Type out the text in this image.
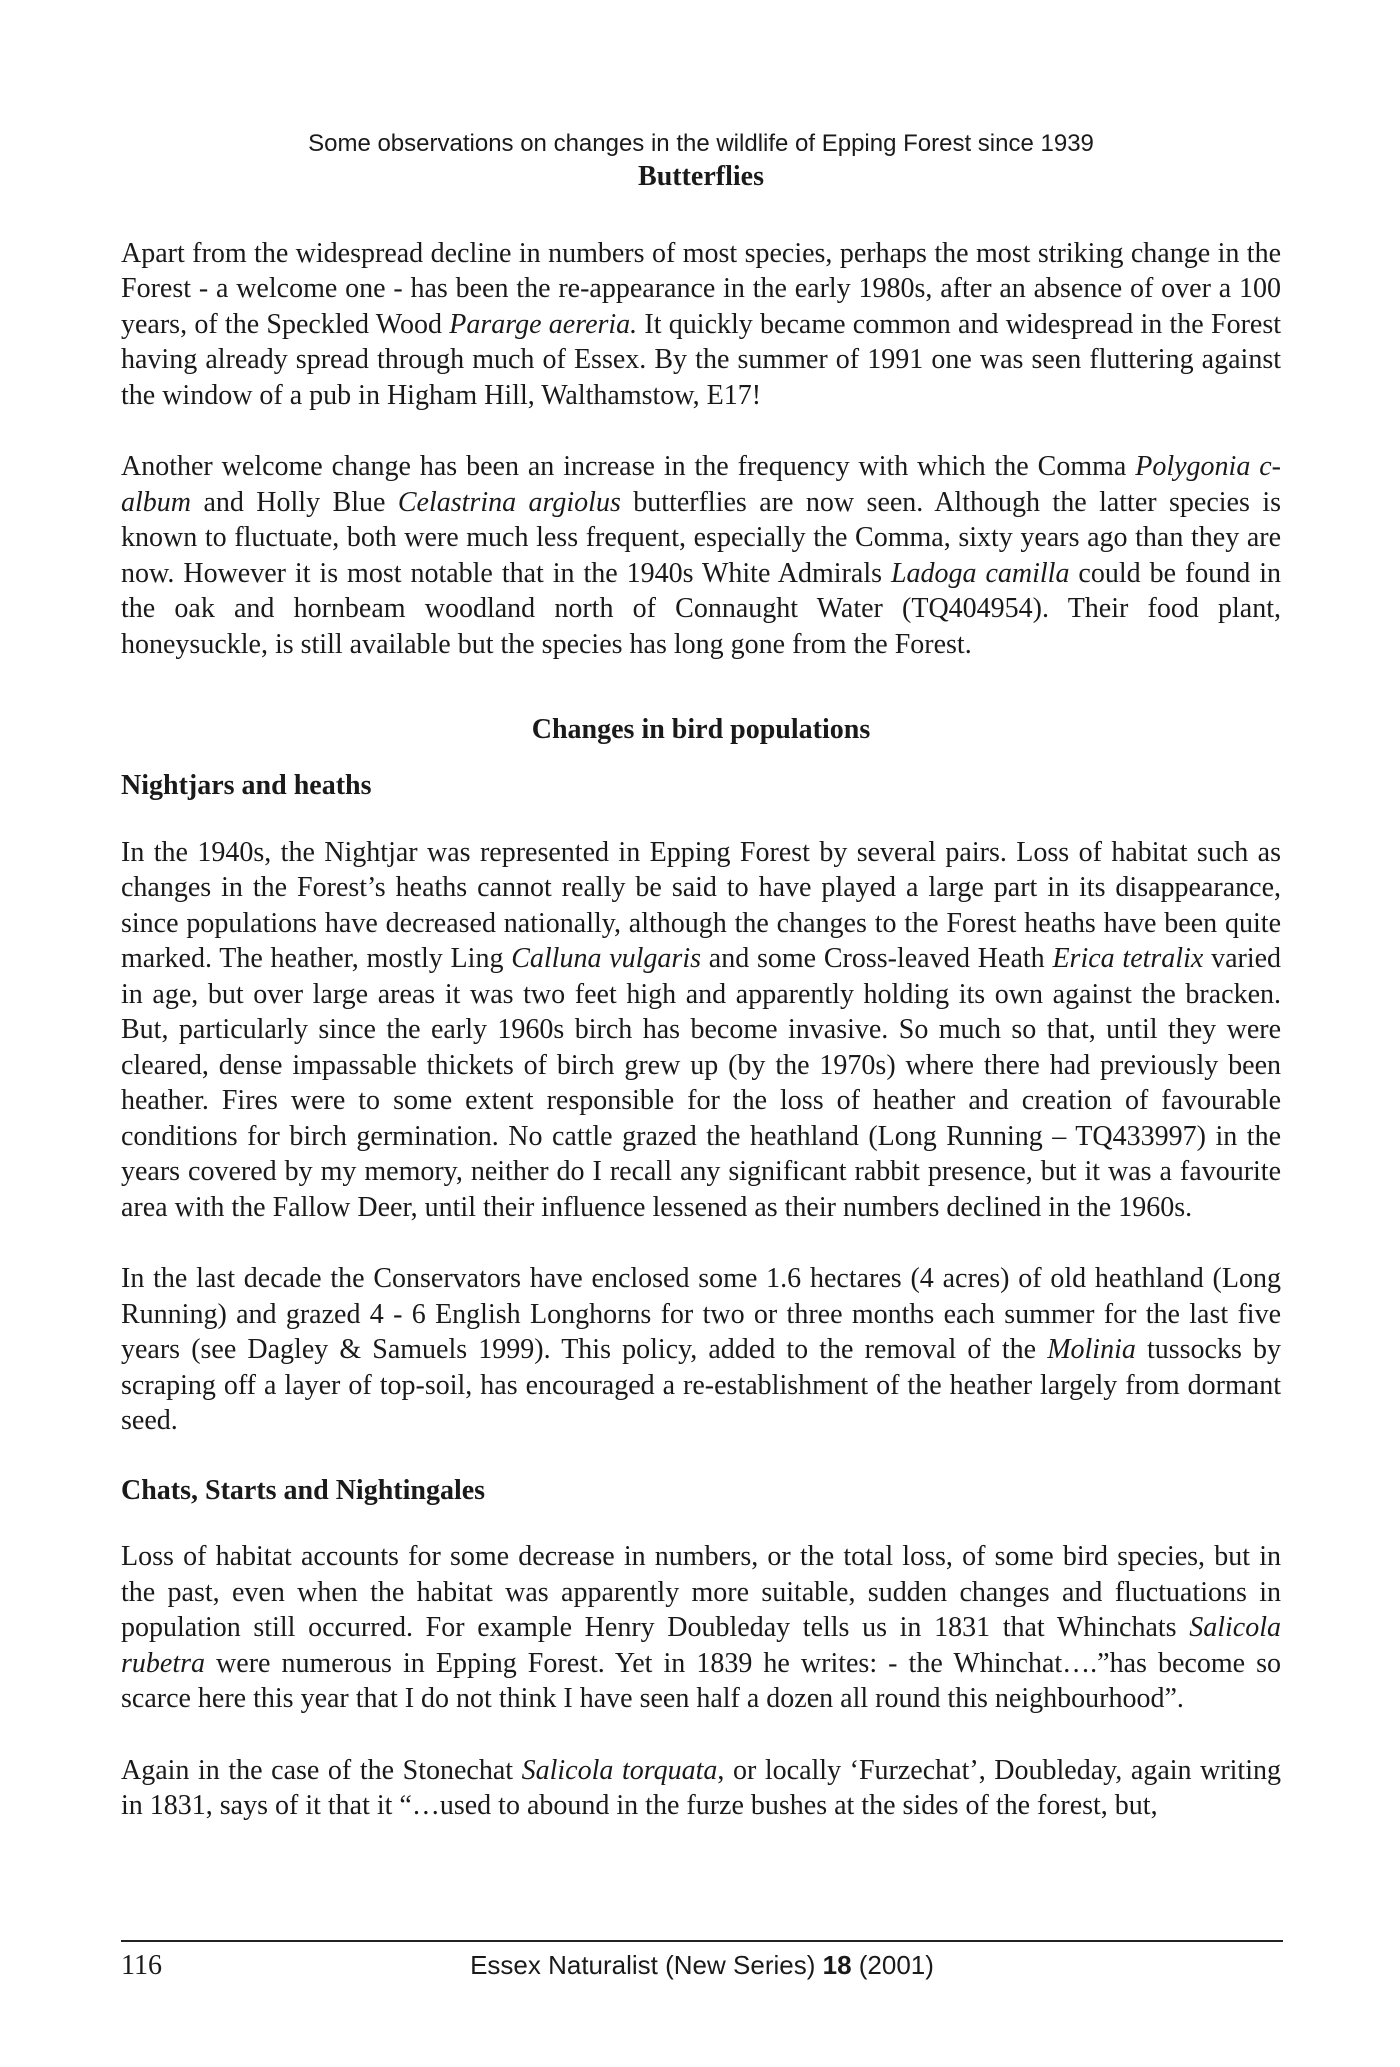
Some observations on changes in the wildlife of Epping Forest since 1939

Butterflies

Apart from the widespread decline in numbers of most species, perhaps the most striking change in the Forest - a welcome one - has been the re-appearance in the early 1980s, after an absence of over a 100 years, of the Speckled Wood Pararge aereria. It quickly became common and widespread in the Forest having already spread through much of Essex. By the summer of 1991 one was seen fluttering against the window of a pub in Higham Hill, Walthamstow, E17!

Another welcome change has been an increase in the frequency with which the Comma Polygonia c-album and Holly Blue Celastrina argiolus butterflies are now seen. Although the latter species is known to fluctuate, both were much less frequent, especially the Comma, sixty years ago than they are now. However it is most notable that in the 1940s White Admirals Ladoga camilla could be found in the oak and hornbeam woodland north of Connaught Water (TQ404954). Their food plant, honeysuckle, is still available but the species has long gone from the Forest.

Changes in bird populations

Nightjars and heaths

In the 1940s, the Nightjar was represented in Epping Forest by several pairs. Loss of habitat such as changes in the Forest’s heaths cannot really be said to have played a large part in its disappearance, since populations have decreased nationally, although the changes to the Forest heaths have been quite marked. The heather, mostly Ling Calluna vulgaris and some Cross-leaved Heath Erica tetralix varied in age, but over large areas it was two feet high and apparently holding its own against the bracken. But, particularly since the early 1960s birch has become invasive. So much so that, until they were cleared, dense impassable thickets of birch grew up (by the 1970s) where there had previously been heather. Fires were to some extent responsible for the loss of heather and creation of favourable conditions for birch germination. No cattle grazed the heathland (Long Running – TQ433997) in the years covered by my memory, neither do I recall any significant rabbit presence, but it was a favourite area with the Fallow Deer, until their influence lessened as their numbers declined in the 1960s.

In the last decade the Conservators have enclosed some 1.6 hectares (4 acres) of old heathland (Long Running) and grazed 4 - 6 English Longhorns for two or three months each summer for the last five years (see Dagley & Samuels 1999). This policy, added to the removal of the Molinia tussocks by scraping off a layer of top-soil, has encouraged a re-establishment of the heather largely from dormant seed.

Chats, Starts and Nightingales

Loss of habitat accounts for some decrease in numbers, or the total loss, of some bird species, but in the past, even when the habitat was apparently more suitable, sudden changes and fluctuations in population still occurred. For example Henry Doubleday tells us in 1831 that Whinchats Salicola rubetra were numerous in Epping Forest. Yet in 1839 he writes: - the Whinchat….”has become so scarce here this year that I do not think I have seen half a dozen all round this neighbourhood”.

Again in the case of the Stonechat Salicola torquata, or locally ‘Furzechat’, Doubleday, again writing in 1831, says of it that it “…used to abound in the furze bushes at the sides of the forest, but,

116	Essex Naturalist (New Series) 18 (2001)
